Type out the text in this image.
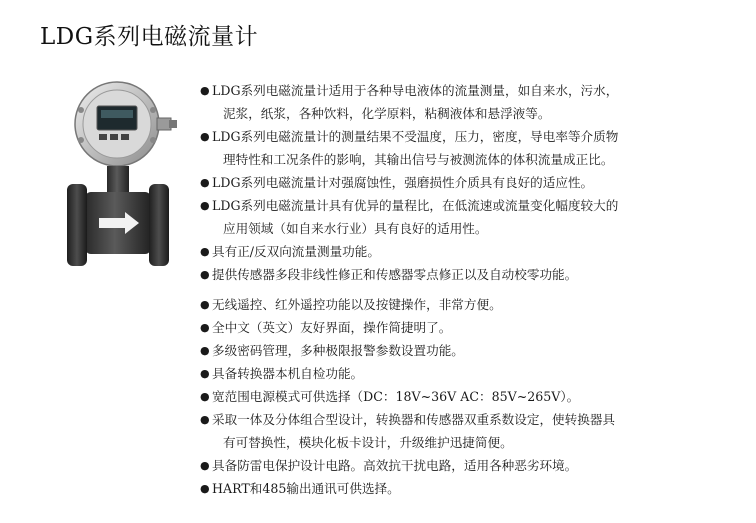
LDG系列电磁流量计
● LDG系列电磁流量计适用于各种导电液体的流量测量，如自来水，污水，
泥浆，纸浆，各种饮料，化学原料，粘稠液体和悬浮液等。
● LDG系列电磁流量计的测量结果不受温度，压力，密度，导电率等介质物
理特性和工况条件的影响，其输出信号与被测流体的体积流量成正比。
● LDG系列电磁流量计对强腐蚀性，强磨损性介质具有良好的适应性。
● LDG系列电磁流量计具有优异的量程比，在低流速或流量变化幅度较大的
应用领域（如自来水行业）具有良好的适用性。
● 具有正/反双向流量测量功能。
● 提供传感器多段非线性修正和传感器零点修正以及自动校零功能。
● 无线遥控、红外遥控功能以及按键操作，非常方便。
● 全中文（英文）友好界面，操作简捷明了。
● 多级密码管理，多种极限报警参数设置功能。
● 具备转换器本机自检功能。
● 宽范围电源模式可供选择（DC：18V~36V AC：85V~265V）。
● 采取一体及分体组合型设计，转换器和传感器双重系数设定，使转换器具
有可替换性，模块化板卡设计，升级维护迅捷简便。
● 具备防雷电保护设计电路。高效抗干扰电路，适用各种恶劣环境。
● HART和485输出通讯可供选择。
